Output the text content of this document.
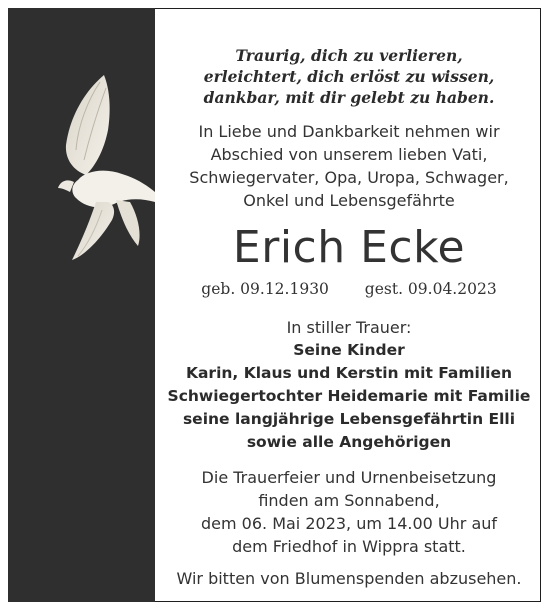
Traurig, dich zu verlieren,
erleichtert, dich erlöst zu wissen,
dankbar, mit dir gelebt zu haben.
In Liebe und Dankbarkeit nehmen wir
Abschied von unserem lieben Vati,
Schwiegervater, Opa, Uropa, Schwager,
Onkel und Lebensgefährte
Erich Ecke
geb. 09.12.1930 gest. 09.04.2023
In stiller Trauer:
Seine Kinder
Karin, Klaus und Kerstin mit Familien
Schwiegertochter Heidemarie mit Familie
seine langjährige Lebensgefährtin Elli
sowie alle Angehörigen
Die Trauerfeier und Urnenbeisetzung
finden am Sonnabend,
dem 06. Mai 2023, um 14.00 Uhr auf
dem Friedhof in Wippra statt.
Wir bitten von Blumenspenden abzusehen.
